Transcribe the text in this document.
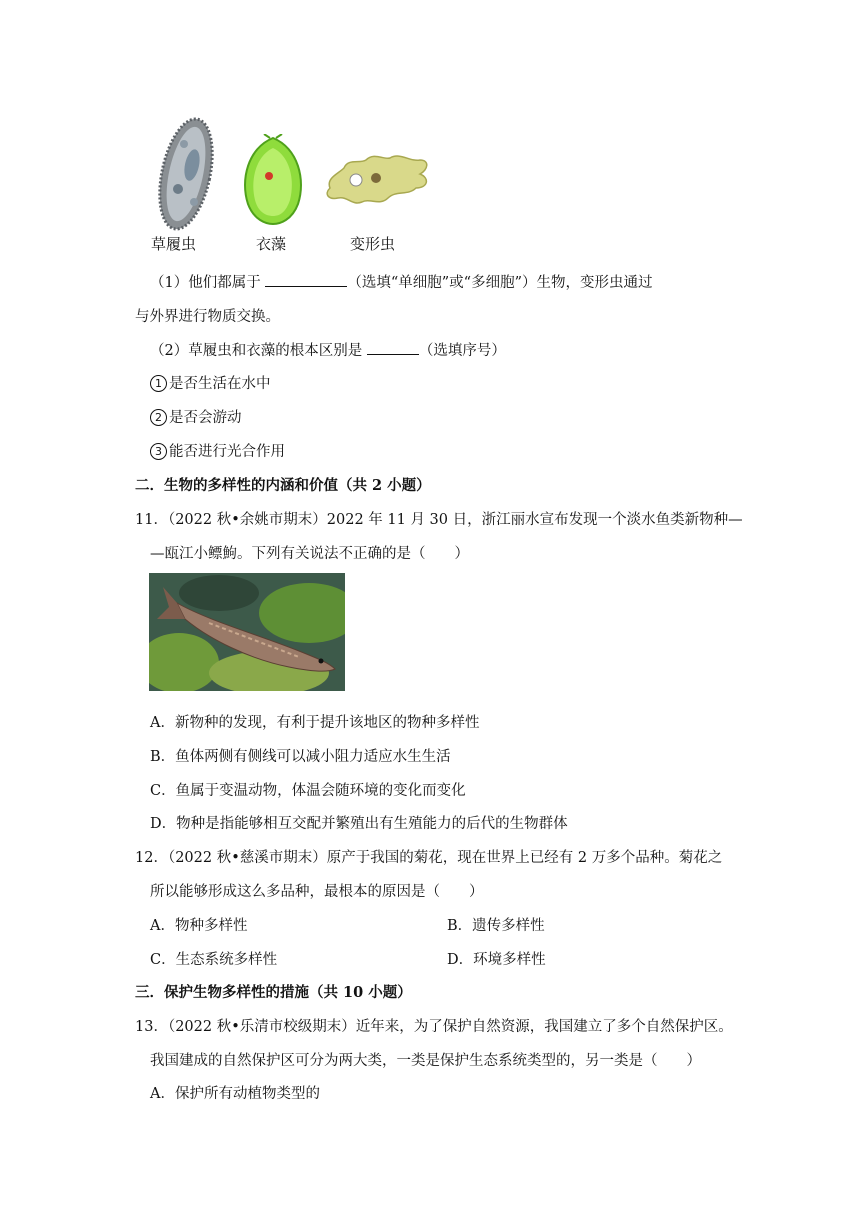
草履虫	衣藻	变形虫
（1）他们都属于	（选填“单细胞”或“多细胞”）生物，变形虫通过
与外界进行物质交换。
（2）草履虫和衣藻的根本区别是	（选填序号）
1 是否生活在水中
2 是否会游动
3 能否进行光合作用
二．生物的多样性的内涵和价值（共 2 小题）
11．（2022 秋•余姚市期末）2022 年 11 月 30 日，浙江丽水宣布发现一个淡水鱼类新物种—
—瓯江小鳔鮈。下列有关说法不正确的是（　　）
A．新物种的发现，有利于提升该地区的物种多样性
B．鱼体两侧有侧线可以减小阻力适应水生生活
C．鱼属于变温动物，体温会随环境的变化而变化
D．物种是指能够相互交配并繁殖出有生殖能力的后代的生物群体
12．（2022 秋•慈溪市期末）原产于我国的菊花，现在世界上已经有 2 万多个品种。菊花之
所以能够形成这么多品种，最根本的原因是（　　）
A．物种多样性	B．遗传多样性
C．生态系统多样性	D．环境多样性
三．保护生物多样性的措施（共 10 小题）
13．（2022 秋•乐清市校级期末）近年来，为了保护自然资源，我国建立了多个自然保护区。
我国建成的自然保护区可分为两大类，一类是保护生态系统类型的，另一类是（　　）
A．保护所有动植物类型的
